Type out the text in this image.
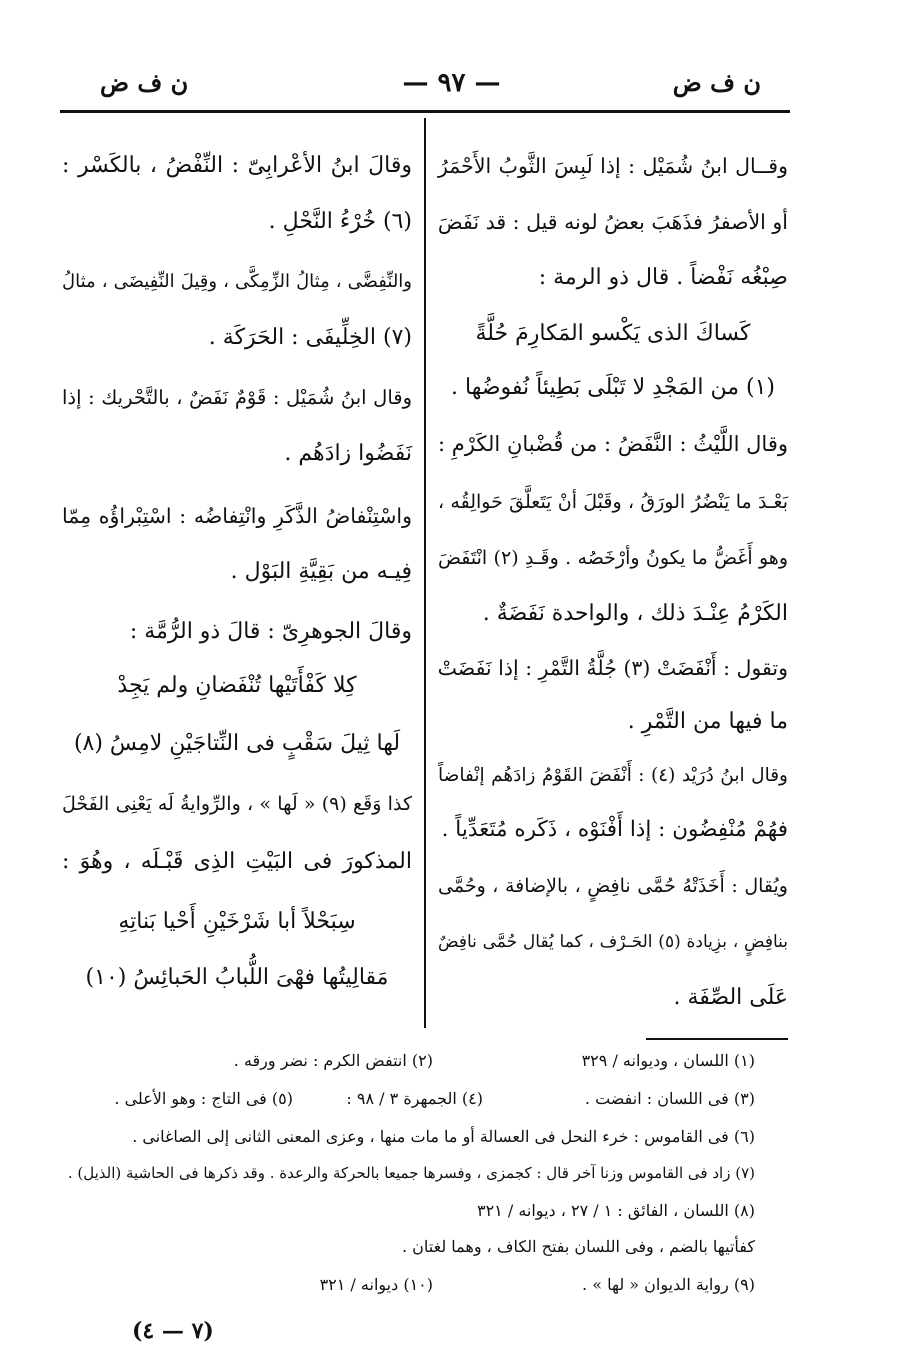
ن ف ض
— ٩٧ —
ن ف ض
وقــال ابنُ شُمَيْل : إذا لَبِسَ الثَّوبُ الأَحْمَرُ
أو الأصفرُ فذَهَبَ بعضُ لونه قيل : قد نَفَضَ
صِبْغُه نَفْضاً . قال ذو الرمة :
كَساكَ الذى يَكْسو المَكارِمَ حُلَّةً
(١) من المَجْدِ لا تَبْلَى بَطِيئاً نُفوضُها .
وقال اللَّيْثُ : النَّفَضُ : من قُضْبانِ الكَرْمِ :
بَعْـدَ ما يَنْضُرُ الورَقُ ، وقَبْلَ أنْ يَتَعلَّقَ حَوالِقُه ،
وهو أَغَضُّ ما يكونُ وأرْخَصُه . وقَـدِ (٢) انْتَفَضَ
الكَرْمُ عِنْـدَ ذلك ، والواحدة نَفَضَةٌ .
وتقول : أَنْفَضَتْ (٣) جُلَّةُ التَّمْرِ : إذا نَفَضَتْ
ما فيها من التَّمْرِ .
وقال ابنُ دُرَيْد (٤) : أَنْفَضَ القَوْمُ زادَهُم إنْفاضاً
فهُمْ مُنْفِضُون : إذا أَفْنَوْه ، ذَكَره مُتَعَدِّياً .
ويُقال : أَخَذَتْهُ حُمَّى نافِضٍ ، بالإضافة ، وحُمَّى
بنافِضٍ ، بزِيادة (٥) الحَـرْف ، كما يُقال حُمَّى نافِضٌ
عَلَى الصِّفَة .
وقالَ ابنُ الأعْرابِىّ : النِّفْضُ ، بالكَسْر :
(٦) خُرْءُ النَّحْلِ .
والنِّفِضَّى ، مِثالُ الزِّمِكَّى ، وقِيلَ النِّفِيضَى ، مثالُ
(٧) الخِلِّيفَى : الحَرَكَة .
وقال ابنُ شُمَيْل : قَوْمٌ نَفَضٌ ، بالتَّحْريك : إذا
نَفَضُوا زادَهُم .
واسْتِنْفاضُ الذَّكَرِ وانْتِفاضُه : اسْتِبْراؤُه مِمّا
فِيـه من بَقِيَّةِ البَوْل .
وقالَ الجوهرِىّ : قالَ ذو الرُّمَّة :
كِلا كَفْأَتَيْها تُنْفَضانِ ولم يَجِدْ
لَها ثِيلَ سَقْبٍ فى النِّتاجَيْنِ لامِسُ (٨)
كذا وَقَع (٩) « لَها » ، والرِّوايةُ لَه يَعْنِى الفَحْلَ
المذكورَ فى البَيْتِ الذِى قَبْـلَه ، وهُوَ :
سِبَحْلاً أبا شَرْخَيْنِ أَحْيا بَناتِهِ
مَقالِيتُها فهْىَ اللُّبابُ الحَبائِسُ (١٠)
(١) اللسان ، وديوانه / ٣٢٩
(٢) انتفض الكرم : نضر ورقه .
(٣) فى اللسان : انفضت .
(٤) الجمهرة ٣ / ٩٨ :
(٥) فى التاج : وهو الأعلى .
(٦) فى القاموس : خرء النحل فى العسالة أو ما مات منها ، وعزى المعنى الثانى إلى الصاغانى .
(٧) زاد فى القاموس وزنا آخر قال : كجمزى ، وفسرها جميعا بالحركة والرعدة . وقد ذكرها فى الحاشية (الذيل) .
(٨) اللسان ، الفائق : ١ / ٢٧ ، ديوانه / ٣٢١
كفأتيها بالضم ، وفى اللسان بفتح الكاف ، وهما لغتان .
(٩) رواية الديوان « لها » .
(١٠) ديوانه / ٣٢١
(٧ — ٤)
